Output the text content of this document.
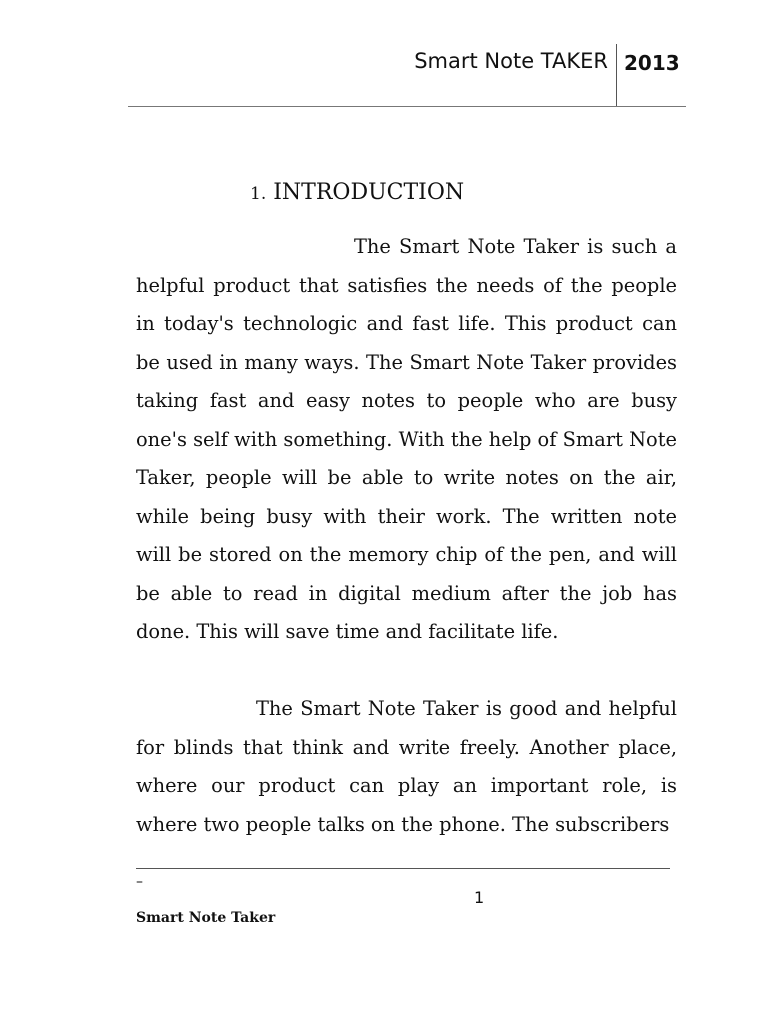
Smart Note TAKER 2013
1. INTRODUCTION

The Smart Note Taker is such a helpful product that satisfies the needs of the people in today's technologic and fast life. This product can be used in many ways. The Smart Note Taker provides taking fast and easy notes to people who are busy one's self with something. With the help of Smart Note Taker, people will be able to write notes on the air, while being busy with their work. The written note will be stored on the memory chip of the pen, and will be able to read in digital medium after the job has done. This will save time and facilitate life.

The Smart Note Taker is good and helpful for blinds that think and write freely. Another place, where our product can play an important role, is where two people talks on the phone. The subscribers

–
1
Smart Note Taker
